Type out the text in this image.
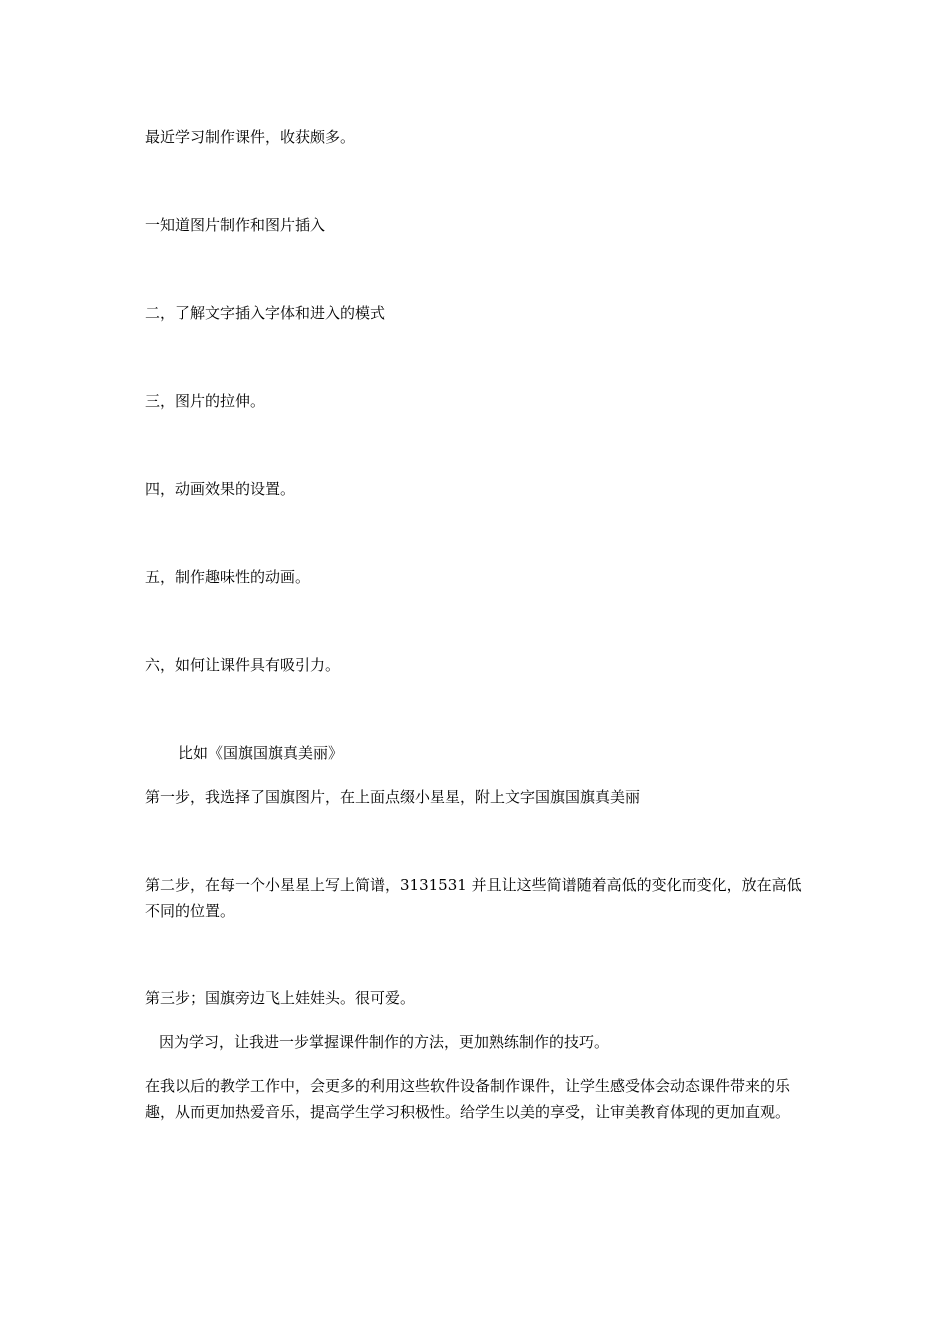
最近学习制作课件，收获颇多。
一知道图片制作和图片插入
二，了解文字插入字体和进入的模式
三，图片的拉伸。
四，动画效果的设置。
五，制作趣味性的动画。
六，如何让课件具有吸引力。
比如《国旗国旗真美丽》
第一步，我选择了国旗图片，在上面点缀小星星，附上文字国旗国旗真美丽
第二步，在每一个小星星上写上简谱，3131531 并且让这些简谱随着高低的变化而变化，放在高低不同的位置。
第三步；国旗旁边飞上娃娃头。很可爱。
因为学习，让我进一步掌握课件制作的方法，更加熟练制作的技巧。
在我以后的教学工作中，会更多的利用这些软件设备制作课件，让学生感受体会动态课件带来的乐趣，从而更加热爱音乐，提高学生学习积极性。给学生以美的享受，让审美教育体现的更加直观。
